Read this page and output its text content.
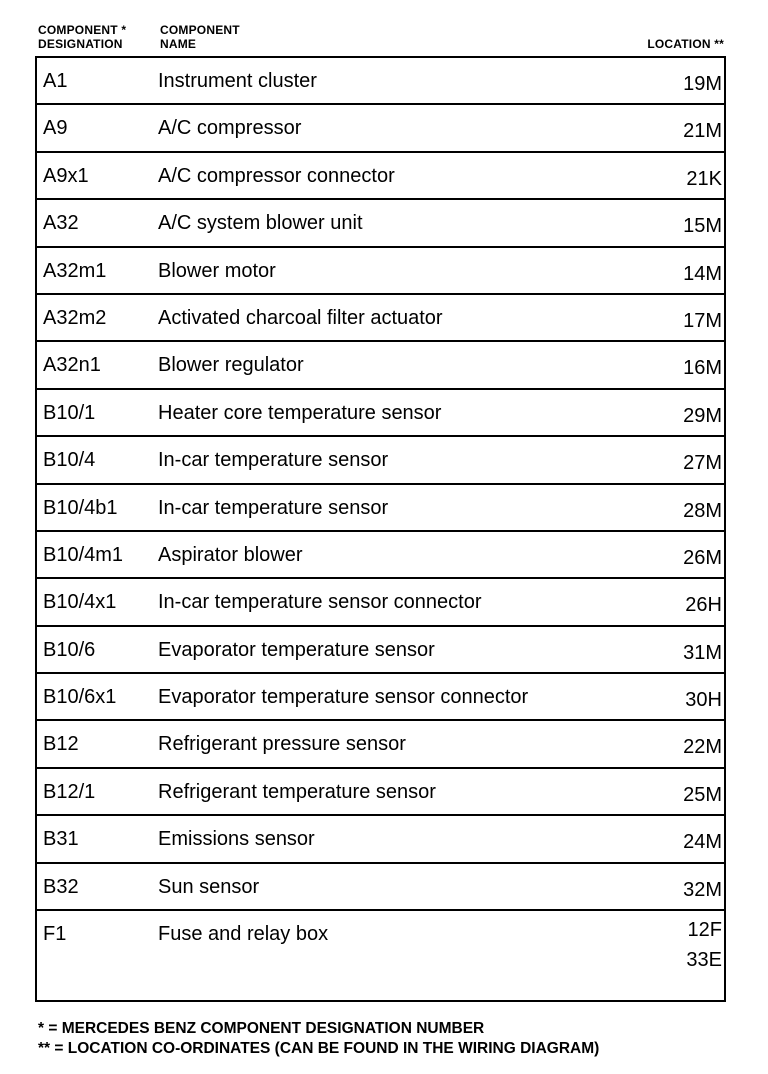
COMPONENT *
DESIGNATION
COMPONENT
NAME	LOCATION **
A1	Instrument cluster	19M
A9	A/C compressor	21M
A9x1	A/C compressor connector	21K
A32	A/C system blower unit	15M
A32m1	Blower motor	14M
A32m2	Activated charcoal filter actuator	17M
A32n1	Blower regulator	16M
B10/1	Heater core temperature sensor	29M
B10/4	In-car temperature sensor	27M
B10/4b1 In-car temperature sensor	28M
B10/4m1 Aspirator blower	26M
B10/4x1 In-car temperature sensor connector	26H
B10/6	Evaporator temperature sensor	31M
B10/6x1 Evaporator temperature sensor connector	30H
B12	Refrigerant pressure sensor	22M
B12/1	Refrigerant temperature sensor	25M
B31	Emissions sensor	24M
B32	Sun sensor	32M
F1	Fuse and relay box	12F
33E
* = MERCEDES BENZ COMPONENT DESIGNATION NUMBER
** = LOCATION CO-ORDINATES (CAN BE FOUND IN THE WIRING DIAGRAM)
